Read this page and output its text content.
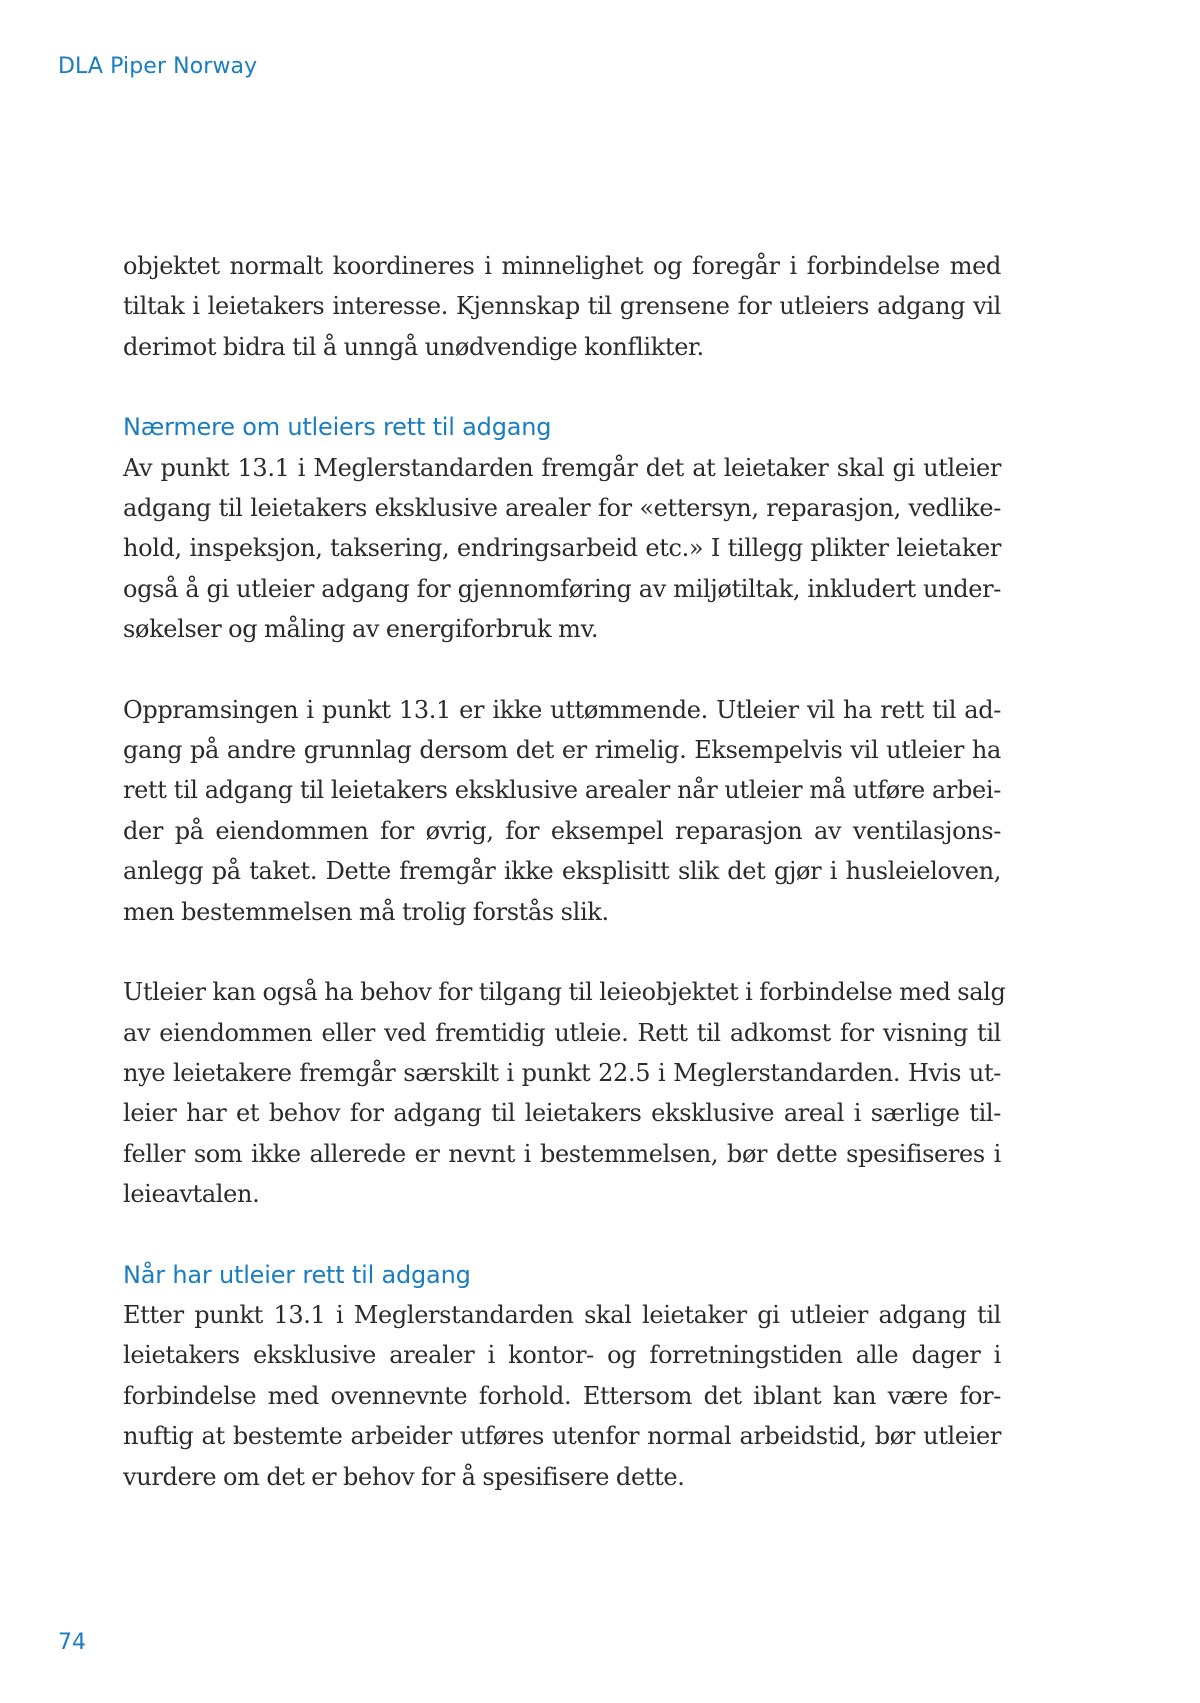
DLA Piper Norway

objektet normalt koordineres i minnelighet og foregår i forbindelse med
tiltak i leietakers interesse. Kjennskap til grensene for utleiers adgang vil
derimot bidra til å unngå unødvendige konflikter.

Nærmere om utleiers rett til adgang

Av punkt 13.1 i Meglerstandarden fremgår det at leietaker skal gi utleier
adgang til leietakers eksklusive arealer for «ettersyn, reparasjon, vedlike-
hold, inspeksjon, taksering, endringsarbeid etc.» I tillegg plikter leietaker
også å gi utleier adgang for gjennomføring av miljøtiltak, inkludert under-
søkelser og måling av energiforbruk mv.

Oppramsingen i punkt 13.1 er ikke uttømmende. Utleier vil ha rett til ad-
gang på andre grunnlag dersom det er rimelig. Eksempelvis vil utleier ha
rett til adgang til leietakers eksklusive arealer når utleier må utføre arbei-
der på eiendommen for øvrig, for eksempel reparasjon av ventilasjons-
anlegg på taket. Dette fremgår ikke eksplisitt slik det gjør i husleieloven,
men bestemmelsen må trolig forstås slik.

Utleier kan også ha behov for tilgang til leieobjektet i forbindelse med salg
av eiendommen eller ved fremtidig utleie. Rett til adkomst for visning til
nye leietakere fremgår særskilt i punkt 22.5 i Meglerstandarden. Hvis ut-
leier har et behov for adgang til leietakers eksklusive areal i særlige til-
feller som ikke allerede er nevnt i bestemmelsen, bør dette spesifiseres i
leieavtalen.

Når har utleier rett til adgang

Etter punkt 13.1 i Meglerstandarden skal leietaker gi utleier adgang til
leietakers eksklusive arealer i kontor- og forretningstiden alle dager i
forbindelse med ovennevnte forhold. Ettersom det iblant kan være for-
nuftig at bestemte arbeider utføres utenfor normal arbeidstid, bør utleier
vurdere om det er behov for å spesifisere dette.

74
